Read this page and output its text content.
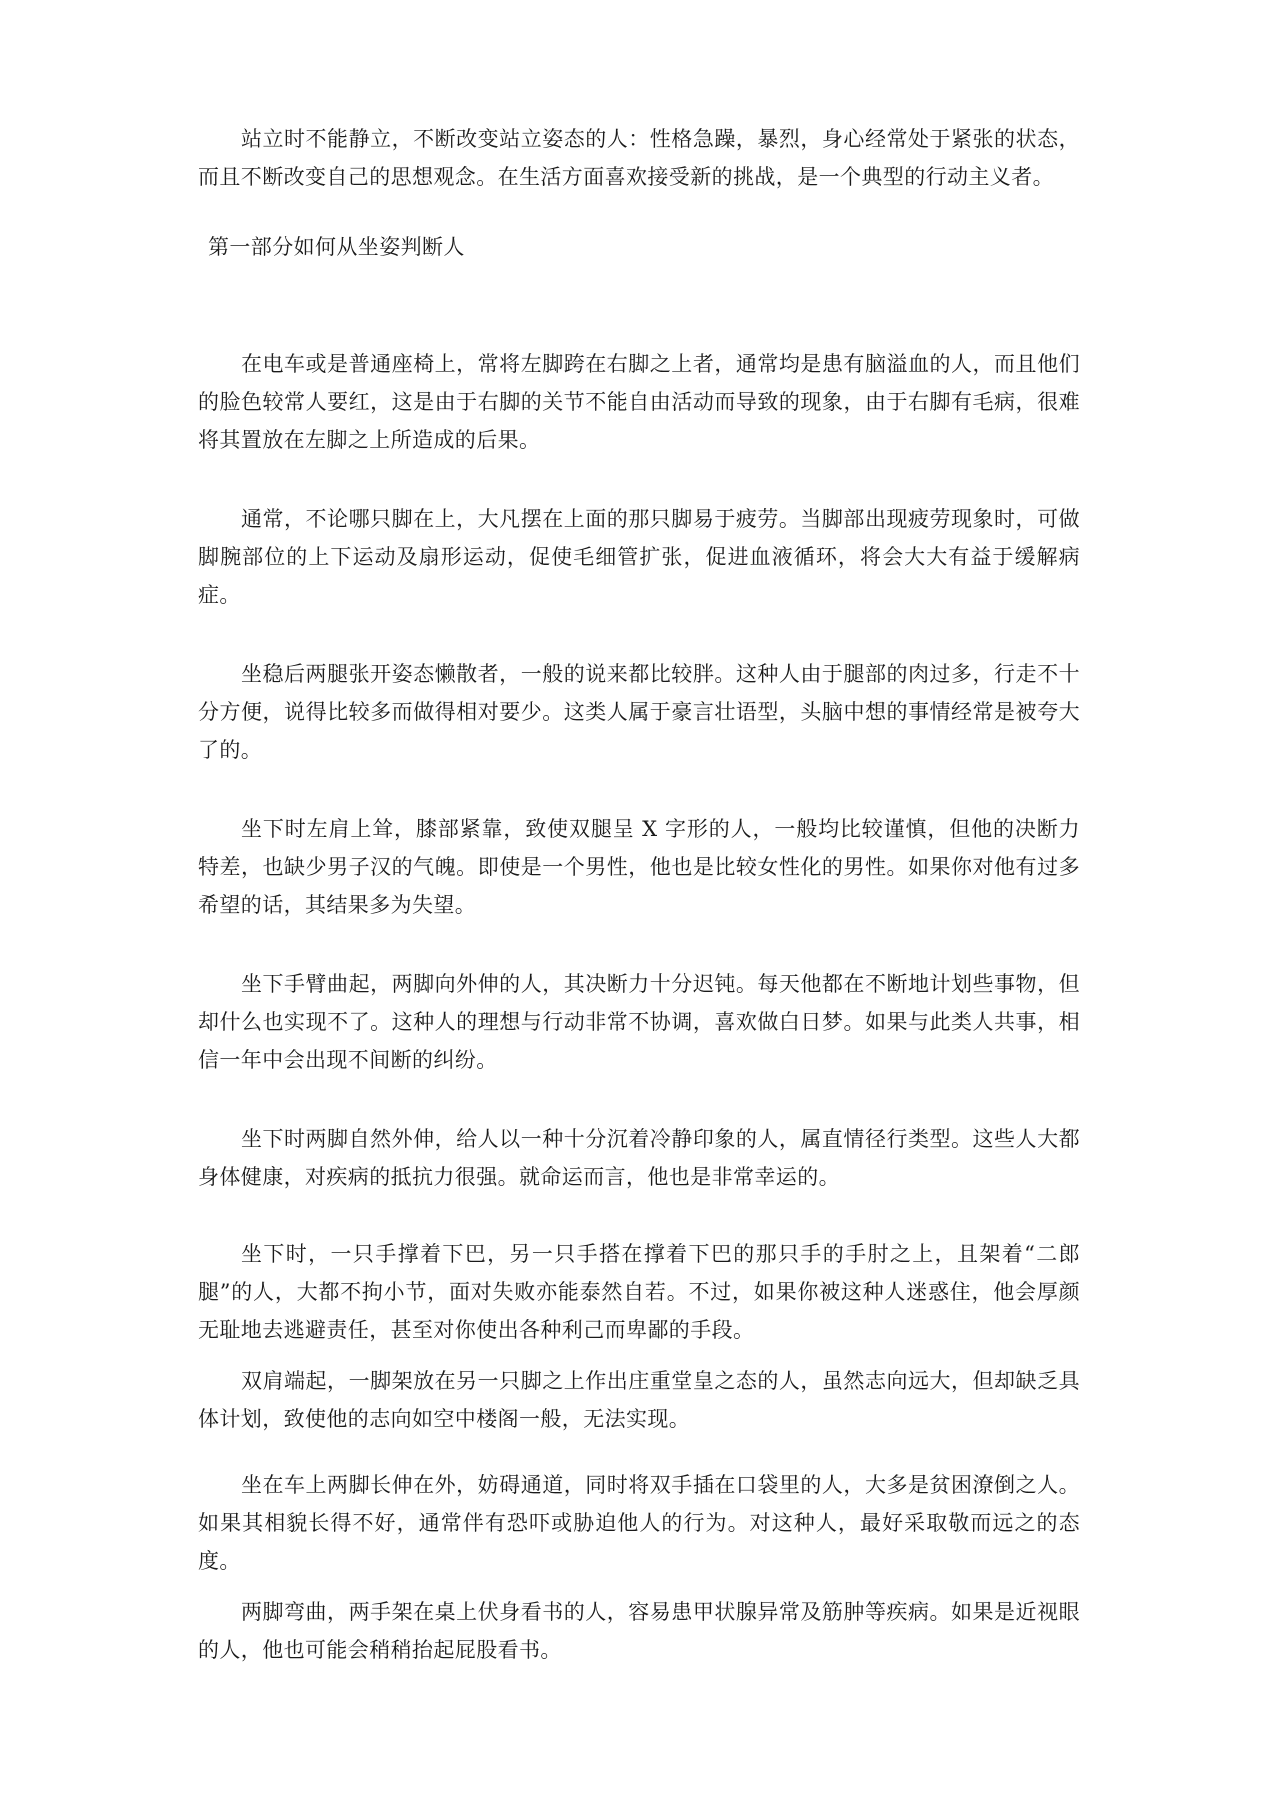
站立时不能静立，不断改变站立姿态的人：性格急躁，暴烈，身心经常处于紧张的状态，而且不断改变自己的思想观念。在生活方面喜欢接受新的挑战，是一个典型的行动主义者。

第一部分如何从坐姿判断人

在电车或是普通座椅上，常将左脚跨在右脚之上者，通常均是患有脑溢血的人，而且他们的脸色较常人要红，这是由于右脚的关节不能自由活动而导致的现象，由于右脚有毛病，很难将其置放在左脚之上所造成的后果。

通常，不论哪只脚在上，大凡摆在上面的那只脚易于疲劳。当脚部出现疲劳现象时，可做脚腕部位的上下运动及扇形运动，促使毛细管扩张，促进血液循环，将会大大有益于缓解病症。

坐稳后两腿张开姿态懒散者，一般的说来都比较胖。这种人由于腿部的肉过多，行走不十分方便，说得比较多而做得相对要少。这类人属于豪言壮语型，头脑中想的事情经常是被夸大了的。

坐下时左肩上耸，膝部紧靠，致使双腿呈 X 字形的人，一般均比较谨慎，但他的决断力特差，也缺少男子汉的气魄。即使是一个男性，他也是比较女性化的男性。如果你对他有过多希望的话，其结果多为失望。

坐下手臂曲起，两脚向外伸的人，其决断力十分迟钝。每天他都在不断地计划些事物，但却什么也实现不了。这种人的理想与行动非常不协调，喜欢做白日梦。如果与此类人共事，相信一年中会出现不间断的纠纷。

坐下时两脚自然外伸，给人以一种十分沉着冷静印象的人，属直情径行类型。这些人大都身体健康，对疾病的抵抗力很强。就命运而言，他也是非常幸运的。

坐下时，一只手撑着下巴，另一只手搭在撑着下巴的那只手的手肘之上，且架着“二郎腿”的人，大都不拘小节，面对失败亦能泰然自若。不过，如果你被这种人迷惑住，他会厚颜无耻地去逃避责任，甚至对你使出各种利己而卑鄙的手段。

双肩端起，一脚架放在另一只脚之上作出庄重堂皇之态的人，虽然志向远大，但却缺乏具体计划，致使他的志向如空中楼阁一般，无法实现。

坐在车上两脚长伸在外，妨碍通道，同时将双手插在口袋里的人，大多是贫困潦倒之人。如果其相貌长得不好，通常伴有恐吓或胁迫他人的行为。对这种人，最好采取敬而远之的态度。

两脚弯曲，两手架在桌上伏身看书的人，容易患甲状腺异常及筋肿等疾病。如果是近视眼的人，他也可能会稍稍抬起屁股看书。
